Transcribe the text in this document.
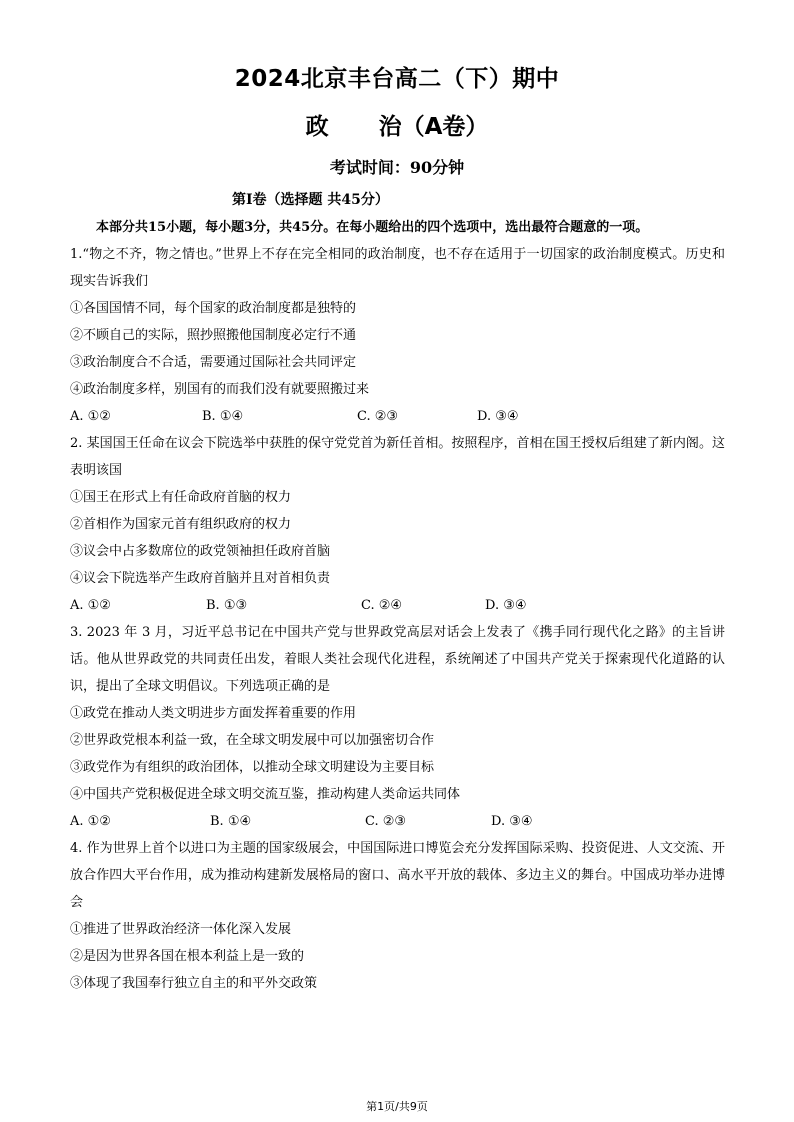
2024北京丰台高二（下）期中
政 治（A卷）
考试时间：90分钟
第Ⅰ卷（选择题 共45分）
本部分共15小题，每小题3分，共45分。在每小题给出的四个选项中，选出最符合题意的一项。
1.“物之不齐，物之情也。”世界上不存在完全相同的政治制度，也不存在适用于一切国家的政治制度模式。历史和现实告诉我们
①各国国情不同，每个国家的政治制度都是独特的
②不顾自己的实际，照抄照搬他国制度必定行不通
③政治制度合不合适，需要通过国际社会共同评定
④政治制度多样，别国有的而我们没有就要照搬过来
A. ①②	B. ①④	C. ②③	D. ③④
2. 某国国王任命在议会下院选举中获胜的保守党党首为新任首相。按照程序，首相在国王授权后组建了新内阁。这表明该国
①国王在形式上有任命政府首脑的权力
②首相作为国家元首有组织政府的权力
③议会中占多数席位的政党领袖担任政府首脑
④议会下院选举产生政府首脑并且对首相负责
A. ①②	B. ①③	C. ②④	D. ③④
3. 2023 年 3 月，习近平总书记在中国共产党与世界政党高层对话会上发表了《携手同行现代化之路》的主旨讲话。他从世界政党的共同责任出发，着眼人类社会现代化进程，系统阐述了中国共产党关于探索现代化道路的认识，提出了全球文明倡议。下列选项正确的是
①政党在推动人类文明进步方面发挥着重要的作用
②世界政党根本利益一致，在全球文明发展中可以加强密切合作
③政党作为有组织的政治团体，以推动全球文明建设为主要目标
④中国共产党积极促进全球文明交流互鉴，推动构建人类命运共同体
A. ①②	B. ①④	C. ②③	D. ③④
4. 作为世界上首个以进口为主题的国家级展会，中国国际进口博览会充分发挥国际采购、投资促进、人文交流、开放合作四大平台作用，成为推动构建新发展格局的窗口、高水平开放的载体、多边主义的舞台。中国成功举办进博会
①推进了世界政治经济一体化深入发展
②是因为世界各国在根本利益上是一致的
③体现了我国奉行独立自主的和平外交政策
第1页/共9页
